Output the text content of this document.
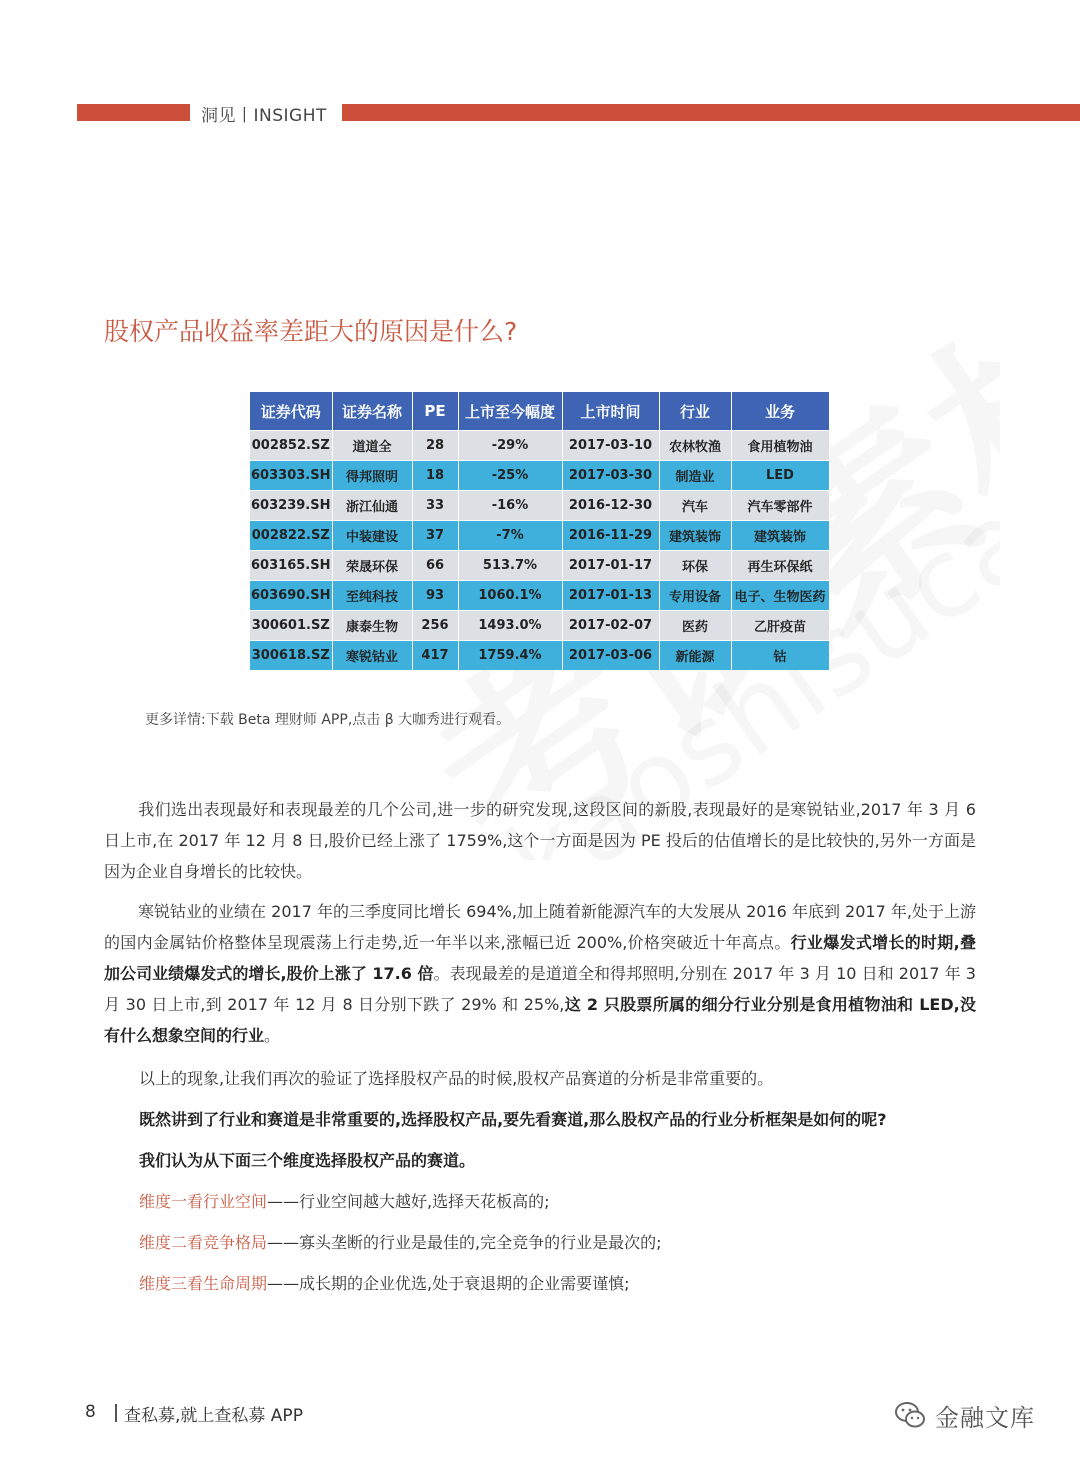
洞见丨INSIGHT
股权产品收益率差距大的原因是什么?
证券代码	证券名称	PE	上市至今幅度	上市时间	行业	业务
002852.SZ	道道全	28	-29%	2017-03-10	农林牧渔	食用植物油
603303.SH	得邦照明	18	-25%	2017-03-30	制造业	LED
603239.SH	浙江仙通	33	-16%	2016-12-30	汽车	汽车零部件
002822.SZ	中装建设	37	-7%	2016-11-29	建筑装饰	建筑装饰
603165.SH	荣晟环保	66	513.7%	2017-01-17	环保	再生环保纸
603690.SH	至纯科技	93	1060.1%	2017-01-13	专用设备	电子、生物医药
300601.SZ	康泰生物	256	1493.0%	2017-02-07	医药	乙肝疫苗
300618.SZ	寒锐钴业	417	1759.4%	2017-03-06	新能源	钴
更多详情:下载 Beta 理财师 APP,点击 β 大咖秀进行观看。

我们选出表现最好和表现最差的几个公司,进一步的研究发现,这段区间的新股,表现最好的是寒锐钴业,2017 年 3 月 6 日上市,在 2017 年 12 月 8 日,股价已经上涨了 1759%,这个一方面是因为 PE 投后的估值增长的是比较快的,另外一方面是因为企业自身增长的比较快。

寒锐钴业的业绩在 2017 年的三季度同比增长 694%,加上随着新能源汽车的大发展从 2016 年底到 2017 年,处于上游的国内金属钴价格整体呈现震荡上行走势,近一年半以来,涨幅已近 200%,价格突破近十年高点。行业爆发式增长的时期,叠加公司业绩爆发式的增长,股价上涨了 17.6 倍。表现最差的是道道全和得邦照明,分别在 2017 年 3 月 10 日和 2017 年 3 月 30 日上市,到 2017 年 12 月 8 日分别下跌了 29% 和 25%,这 2 只股票所属的细分行业分别是食用植物油和 LED,没有什么想象空间的行业。

以上的现象,让我们再次的验证了选择股权产品的时候,股权产品赛道的分析是非常重要的。
既然讲到了行业和赛道是非常重要的,选择股权产品,要先看赛道,那么股权产品的行业分析框架是如何的呢?
我们认为从下面三个维度选择股权产品的赛道。
维度一看行业空间——行业空间越大越好,选择天花板高的;
维度二看竞争格局——寡头垄断的行业是最佳的,完全竞争的行业是最次的;
维度三看生命周期——成长期的企业优选,处于衰退期的企业需要谨慎;
8 查私募,就上查私募 APP	金融文库
